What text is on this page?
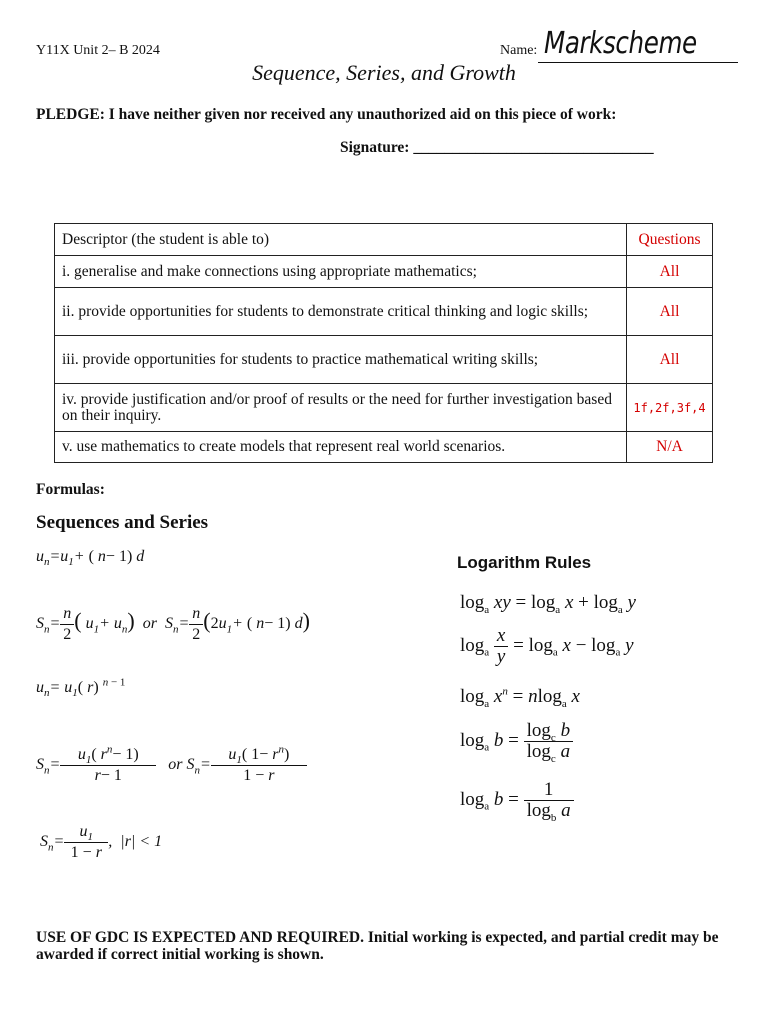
Y11X Unit 2– B 2024	Name: Markscheme
Sequence, Series, and Growth
PLEDGE: I have neither given nor received any unauthorized aid on this piece of work:
Signature: _______________________________
Descriptor (the student is able to)	Questions
i. generalise and make connections using appropriate mathematics;	All
ii. provide opportunities for students to demonstrate critical thinking and logic skills;	All
iii. provide opportunities for students to practice mathematical writing skills;	All
iv. provide justification and/or proof of results or the need for further investigation based on their inquiry.	1f,2f,3f,4
v. use mathematics to create models that represent real world scenarios.	N/A
Formulas:
Sequences and Series
Logarithm Rules
$u_n=u_1+$ ( n− 1) d
$S_n= \frac{n}{2}$ ( $u_1+ u_n$) or  $S_n= \frac{n}{2} (2u_1+$ ( n− 1) d)
$u_n= u_1$( r) $^{n - 1}$
$S_n= \frac{u_1( r^n- 1)}{r- 1}$ or $S_n= \frac{u_1( 1- r^n)}{1 - r}$
$S_n= \frac{u_1}{1 - r}$ ,  |r| < 1
$\log_a$ xy = $\log_a x + \log_a y$
$\log_a \frac{x}{y} = \log_a x - \log_a y$
$\log_a x^n = nlog_a$ x
$\log_a b = \frac{\log_c b}{\log_c a}$
$\log_a b = \frac{1}{\log_b a}$
USE OF GDC IS EXPECTED AND REQUIRED. Initial working is expected, and partial credit may be awarded if correct initial working is shown.
